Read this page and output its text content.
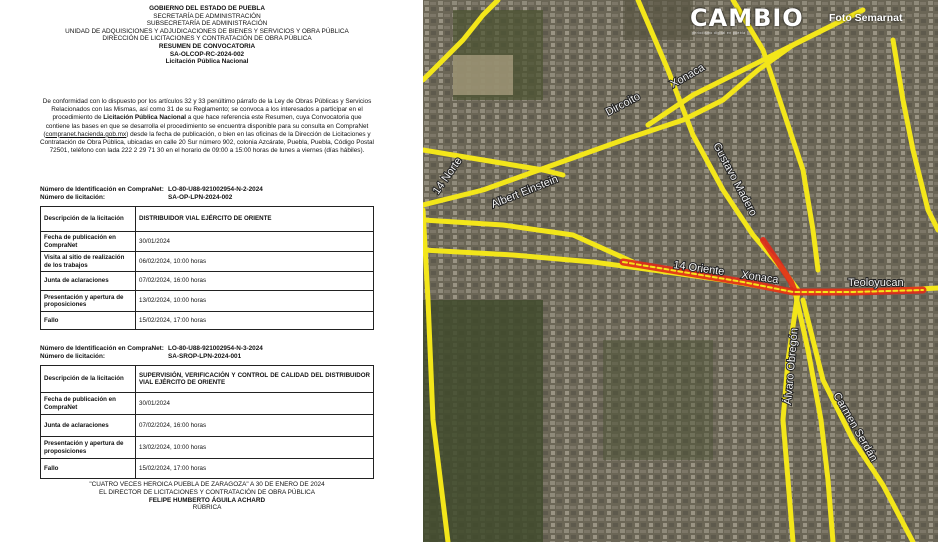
GOBIERNO DEL ESTADO DE PUEBLA
SECRETARÍA DE ADMINISTRACIÓN
SUBSECRETARÍA DE ADMINISTRACIÓN
UNIDAD DE ADQUISICIONES Y ADJUDICACIONES DE BIENES Y SERVICIOS Y OBRA PÚBLICA
DIRECCIÓN DE LICITACIONES Y CONTRATACIÓN DE OBRA PÚBLICA
RESUMEN DE CONVOCATORIA
SA-OLCOP-RC-2024-002
Licitación Pública Nacional
De conformidad con lo dispuesto por los artículos 32 y 33 penúltimo párrafo de la Ley de Obras Públicas y Servicios Relacionados con las Mismas, así como 31 de su Reglamento; se convoca a los interesados a participar en el procedimiento de Licitación Pública Nacional a que hace referencia este Resumen, cuya Convocatoria que contiene las bases en que se desarrolla el procedimiento se encuentra disponible para su consulta en CompraNet (compranet.hacienda.gob.mx) desde la fecha de publicación, o bien en las oficinas de la Dirección de Licitaciones y Contratación de Obra Pública, ubicadas en calle 20 Sur número 902, colonia Azcárate, Puebla, Puebla, Código Postal 72501, teléfono con lada 222 2 29 71 30 en el horario de 09:00 a 15:00 horas de lunes a viernes (días hábiles).
Número de Identificación en CompraNet: LO-80-U88-921002954-N-2-2024
Número de licitación:	SA-OP-LPN-2024-002
Descripción de la licitación	DISTRIBUIDOR VIAL EJÉRCITO DE ORIENTE
Fecha de publicación en CompraNet	30/01/2024
Visita al sitio de realización de los trabajos	06/02/2024, 10:00 horas
Junta de aclaraciones	07/02/2024, 16:00 horas
Presentación y apertura de proposiciones	13/02/2024, 10:00 horas
Fallo	15/02/2024, 17:00 horas
Número de Identificación en CompraNet: LO-80-U88-921002954-N-3-2024
Número de licitación:	SA-SROP-LPN-2024-001
Descripción de la licitación	SUPERVISIÓN, VERIFICACIÓN Y CONTROL DE CALIDAD DEL DISTRIBUIDOR VIAL EJÉRCITO DE ORIENTE
Fecha de publicación en CompraNet	30/01/2024
Junta de aclaraciones	07/02/2024, 16:00 horas
Presentación y apertura de proposiciones	13/02/2024, 10:00 horas
Fallo	15/02/2024, 17:00 horas
"CUATRO VECES HEROICA PUEBLA DE ZARAGOZA" A 30 DE ENERO DE 2024
EL DIRECTOR DE LICITACIONES Y CONTRATACIÓN DE OBRA PÚBLICA
FELIPE HUMBERTO ÁGUILA ACHARD
RÚBRICA
Albert Einstein
14 Norte
Dircoito
Xonaca
14 Oriente Xonaca	Teoloyucan
Gustavo Madero
Carmen Serdán
Álvaro Obregón
CAMBIO
periodismo digital en puebla
Foto Semarnat
